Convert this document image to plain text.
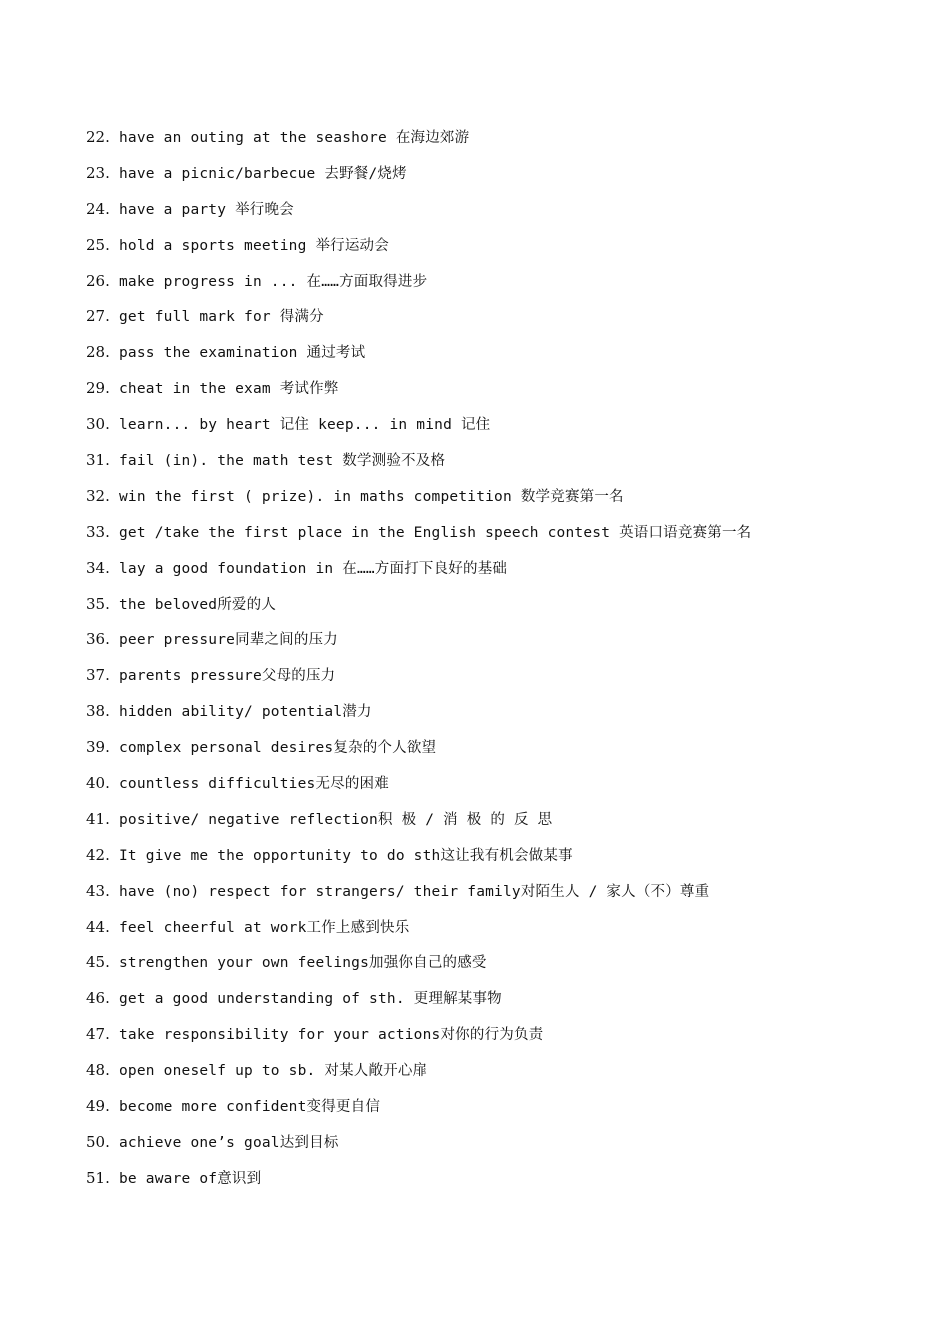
22. have an outing at the seashore 在海边郊游
23. have a picnic/barbecue 去野餐/烧烤
24. have a party 举行晚会
25. hold a sports meeting 举行运动会
26. make progress in ... 在……方面取得进步
27. get full mark for 得满分
28. pass the examination 通过考试
29. cheat in the exam 考试作弊
30. learn... by heart 记住 keep... in mind 记住
31. fail (in). the math test 数学测验不及格
32. win the first ( prize). in maths competition 数学竞赛第一名
33. get /take the first place in the English speech contest 英语口语竞赛第一名
34. lay a good foundation in 在……方面打下良好的基础
35. the beloved所爱的人
36. peer pressure同辈之间的压力
37. parents pressure父母的压力
38. hidden ability/ potential潜力
39. complex personal desires复杂的个人欲望
40. countless difficulties无尽的困难
41. positive/ negative reflection积 极 / 消 极 的 反 思
42. It give me the opportunity to do sth这让我有机会做某事
43. have (no) respect for strangers/ their family对陌生人 / 家人（不）尊重
44. feel cheerful at work工作上感到快乐
45. strengthen your own feelings加强你自己的感受
46. get a good understanding of sth. 更理解某事物
47. take responsibility for your actions对你的行为负责
48. open oneself up to sb. 对某人敞开心扉
49. become more confident变得更自信
50. achieve one’s goal达到目标
51. be aware of意识到
